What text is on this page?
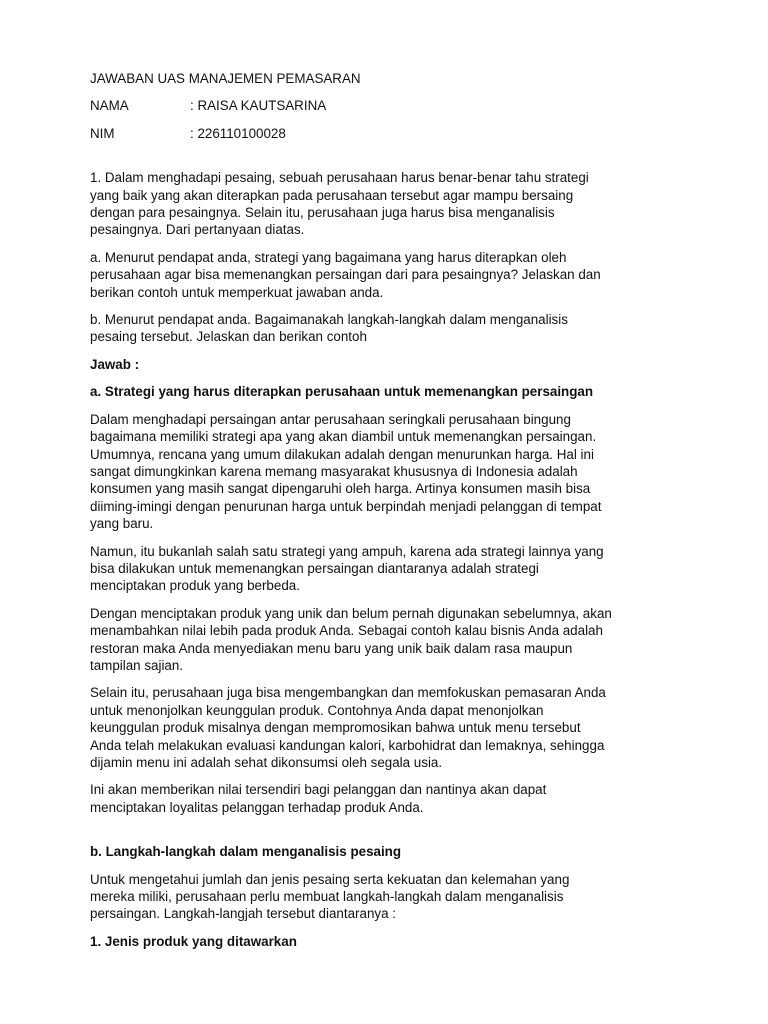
JAWABAN UAS MANAJEMEN PEMASARAN
NAMA	: RAISA KAUTSARINA
NIM	: 226110100028
1. Dalam menghadapi pesaing, sebuah perusahaan harus benar-benar tahu strategi
yang baik yang akan diterapkan pada perusahaan tersebut agar mampu bersaing
dengan para pesaingnya. Selain itu, perusahaan juga harus bisa menganalisis
pesaingnya. Dari pertanyaan diatas.
a. Menurut pendapat anda, strategi yang bagaimana yang harus diterapkan oleh
perusahaan agar bisa memenangkan persaingan dari para pesaingnya? Jelaskan dan
berikan contoh untuk memperkuat jawaban anda.
b. Menurut pendapat anda. Bagaimanakah langkah-langkah dalam menganalisis
pesaing tersebut. Jelaskan dan berikan contoh
Jawab :
a. Strategi yang harus diterapkan perusahaan untuk memenangkan persaingan
Dalam menghadapi persaingan antar perusahaan seringkali perusahaan bingung
bagaimana memiliki strategi apa yang akan diambil untuk memenangkan persaingan.
Umumnya, rencana yang umum dilakukan adalah dengan menurunkan harga. Hal ini
sangat dimungkinkan karena memang masyarakat khususnya di Indonesia adalah
konsumen yang masih sangat dipengaruhi oleh harga. Artinya konsumen masih bisa
diiming-imingi dengan penurunan harga untuk berpindah menjadi pelanggan di tempat
yang baru.
Namun, itu bukanlah salah satu strategi yang ampuh, karena ada strategi lainnya yang
bisa dilakukan untuk memenangkan persaingan diantaranya adalah strategi
menciptakan produk yang berbeda.
Dengan menciptakan produk yang unik dan belum pernah digunakan sebelumnya, akan
menambahkan nilai lebih pada produk Anda. Sebagai contoh kalau bisnis Anda adalah
restoran maka Anda menyediakan menu baru yang unik baik dalam rasa maupun
tampilan sajian.
Selain itu, perusahaan juga bisa mengembangkan dan memfokuskan pemasaran Anda
untuk menonjolkan keunggulan produk. Contohnya Anda dapat menonjolkan
keunggulan produk misalnya dengan mempromosikan bahwa untuk menu tersebut
Anda telah melakukan evaluasi kandungan kalori, karbohidrat dan lemaknya, sehingga
dijamin menu ini adalah sehat dikonsumsi oleh segala usia.
Ini akan memberikan nilai tersendiri bagi pelanggan dan nantinya akan dapat
menciptakan loyalitas pelanggan terhadap produk Anda.
b. Langkah-langkah dalam menganalisis pesaing
Untuk mengetahui jumlah dan jenis pesaing serta kekuatan dan kelemahan yang
mereka miliki, perusahaan perlu membuat langkah-langkah dalam menganalisis
persaingan. Langkah-langjah tersebut diantaranya :
1. Jenis produk yang ditawarkan
